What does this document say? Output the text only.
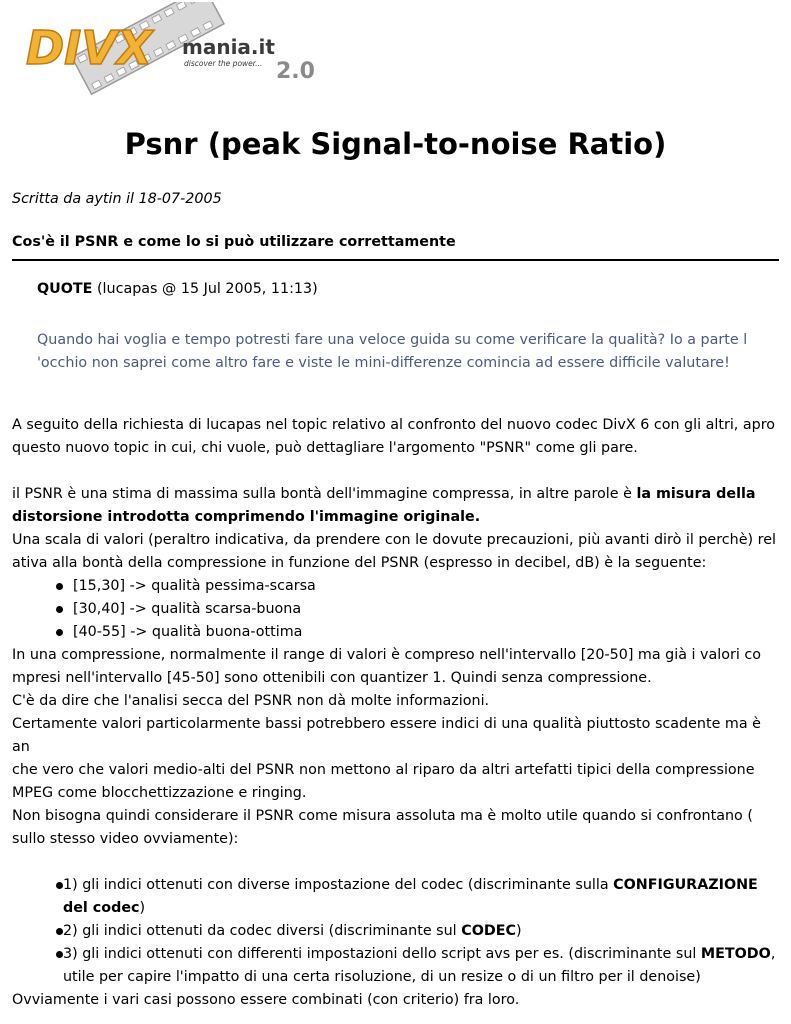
DIVX mania.it
discover the power... 2.0
Psnr (peak Signal-to-noise Ratio)
Scritta da aytin il 18-07-2005
Cos'è il PSNR e come lo si può utilizzare correttamente
QUOTE (lucapas @ 15 Jul 2005, 11:13)
Quando hai voglia e tempo potresti fare una veloce guida su come verificare la qualità? Io a parte l
'occhio non saprei come altro fare e viste le mini-differenze comincia ad essere difficile valutare!

A seguito della richiesta di lucapas nel topic relativo al confronto del nuovo codec DivX 6 con gli altri, apro

questo nuovo topic in cui, chi vuole, può dettagliare l'argomento "PSNR" come gli pare.

il PSNR è una stima di massima sulla bontà dell'immagine compressa, in altre parole è la misura della

distorsione introdotta comprimendo l'immagine originale.

Una scala di valori (peraltro indicativa, da prendere con le dovute precauzioni, più avanti dirò il perchè) rel

ativa alla bontà della compressione in funzione del PSNR (espresso in decibel, dB) è la seguente:

[15,30] -> qualità pessima-scarsa
[30,40] -> qualità scarsa-buona
[40-55] -> qualità buona-ottima

In una compressione, normalmente il range di valori è compreso nell'intervallo [20-50] ma già i valori co

mpresi nell'intervallo [45-50] sono ottenibili con quantizer 1. Quindi senza compressione.

C'è da dire che l'analisi secca del PSNR non dà molte informazioni.

Certamente valori particolarmente bassi potrebbero essere indici di una qualità piuttosto scadente ma è an

che vero che valori medio-alti del PSNR non mettono al riparo da altri artefatti tipici della compressione

MPEG come blocchettizzazione e ringing.

Non bisogna quindi considerare il PSNR come misura assoluta ma è molto utile quando si confrontano (

sullo stesso video ovviamente):

1) gli indici ottenuti con diverse impostazione del codec (discriminante sulla CONFIGURAZIONE del codec)
2) gli indici ottenuti da codec diversi (discriminante sul CODEC)
3) gli indici ottenuti con differenti impostazioni dello script avs per es. (discriminante sul METODO, utile per capire l'impatto di una certa risoluzione, di un resize o di un filtro per il denoise)

Ovviamente i vari casi possono essere combinati (con criterio) fra loro.
